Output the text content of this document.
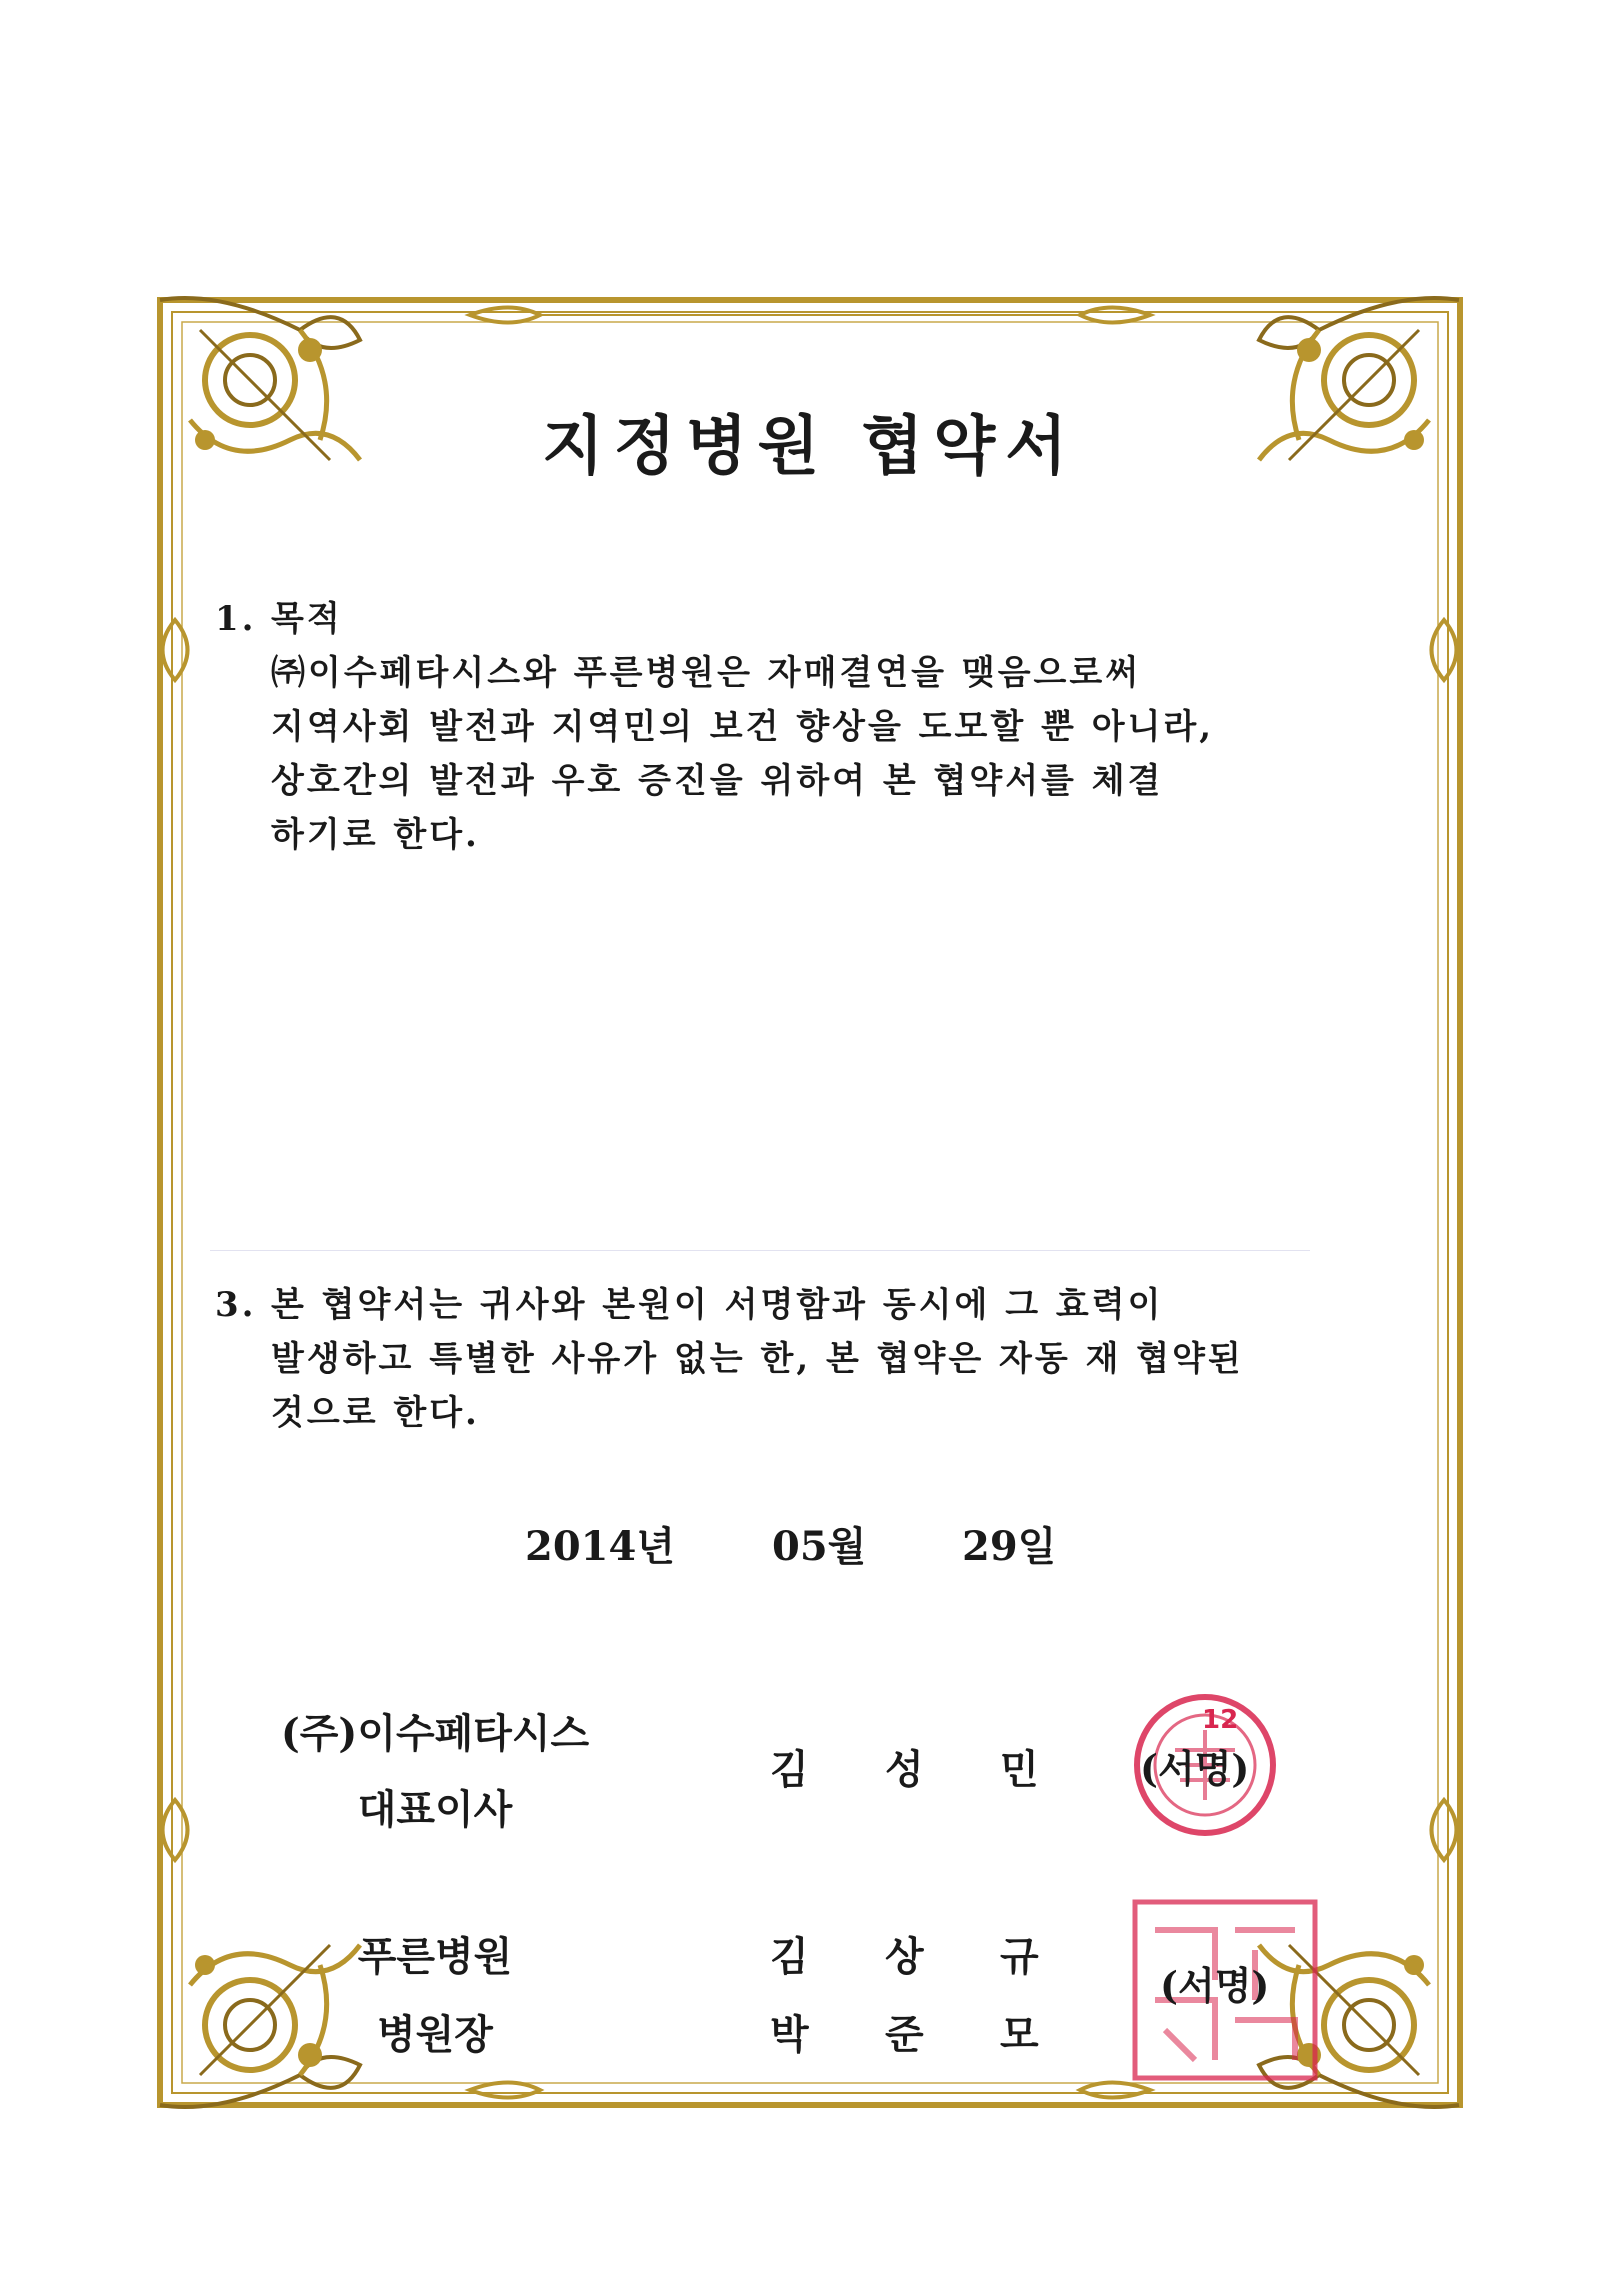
지정병원 협약서
1. 목적
㈜이수페타시스와 푸른병원은 자매결연을 맺음으로써
지역사회 발전과 지역민의 보건 향상을 도모할 뿐 아니라,
상호간의 발전과 우호 증진을 위하여 본 협약서를 체결
하기로 한다.
3. 본 협약서는 귀사와 본원이 서명함과 동시에 그 효력이
발생하고 특별한 사유가 없는 한, 본 협약은 자동 재 협약된
것으로 한다.
2014년 05월 29일
(주)이수페타시스
대표이사
김 성 민
12
(서명)
푸른병원
병원장
김 상 규
박 준 모
(서명)
